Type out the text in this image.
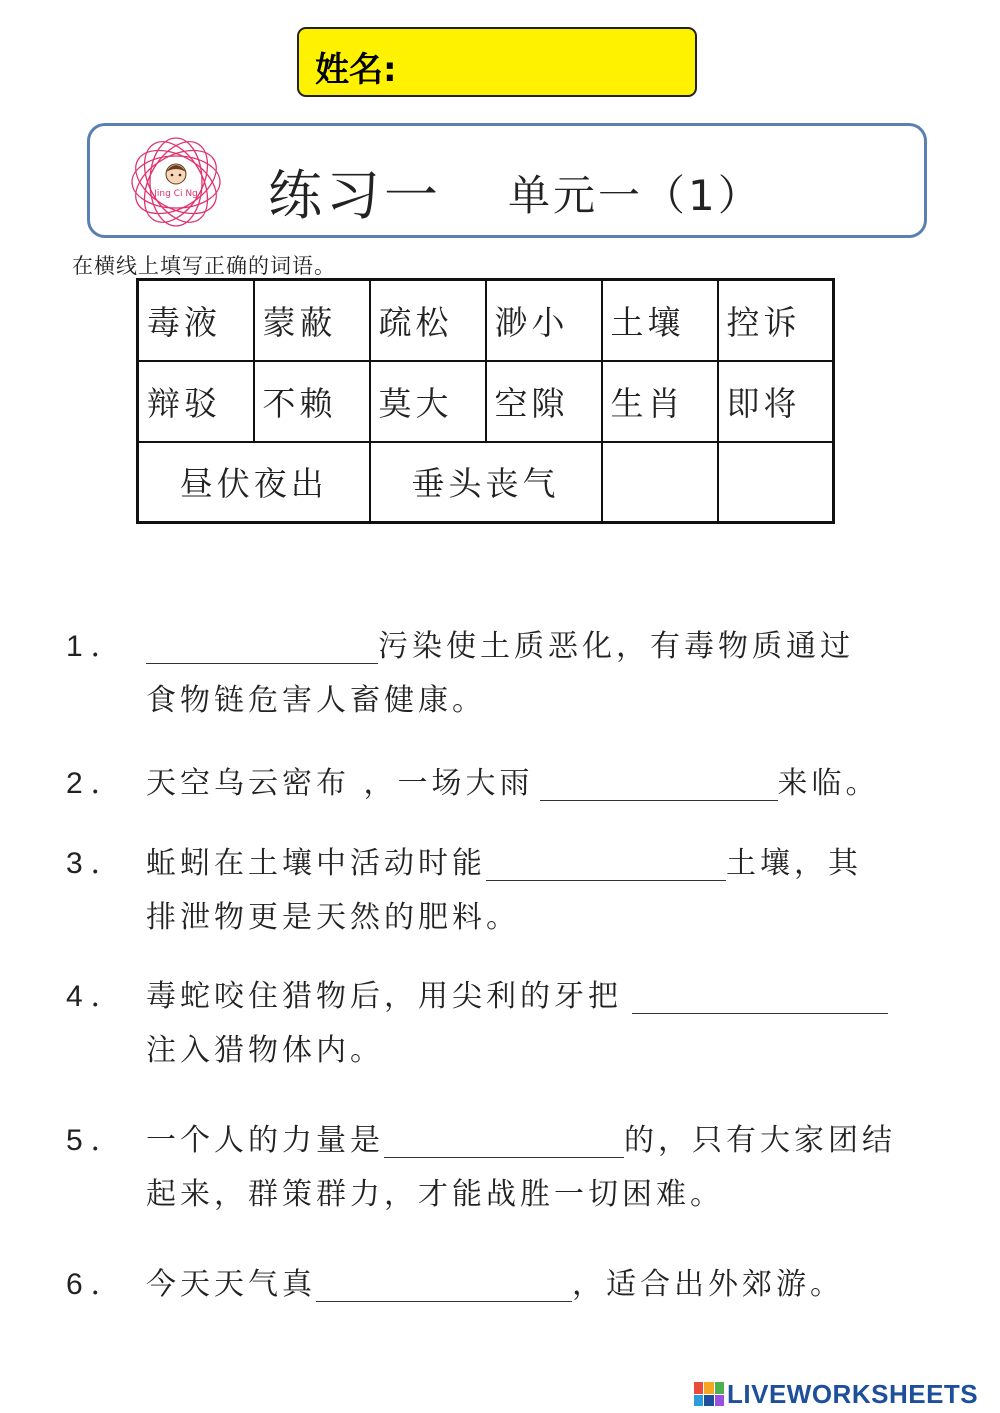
姓名:
Jing Ci Ng	练习一 单元一（1）
在横线上填写正确的词语。
毒液	蒙蔽	疏松	渺小	土壤	控诉
辩驳	不赖	莫大	空隙	生肖	即将
昼伏夜出		垂头丧气			
1．	污染使土质恶化，有毒物质通过
食物链危害人畜健康。
2． 天空乌云密布 ，一场大雨	来临。
3． 蚯蚓在土壤中活动时能	土壤，其
排泄物更是天然的肥料。
4． 毒蛇咬住猎物后，用尖利的牙把
注入猎物体内。
5． 一个人的力量是	的，只有大家团结
起来，群策群力，才能战胜一切困难。
6． 今天天气真	，适合出外郊游。
LIVEWORKSHEETS
